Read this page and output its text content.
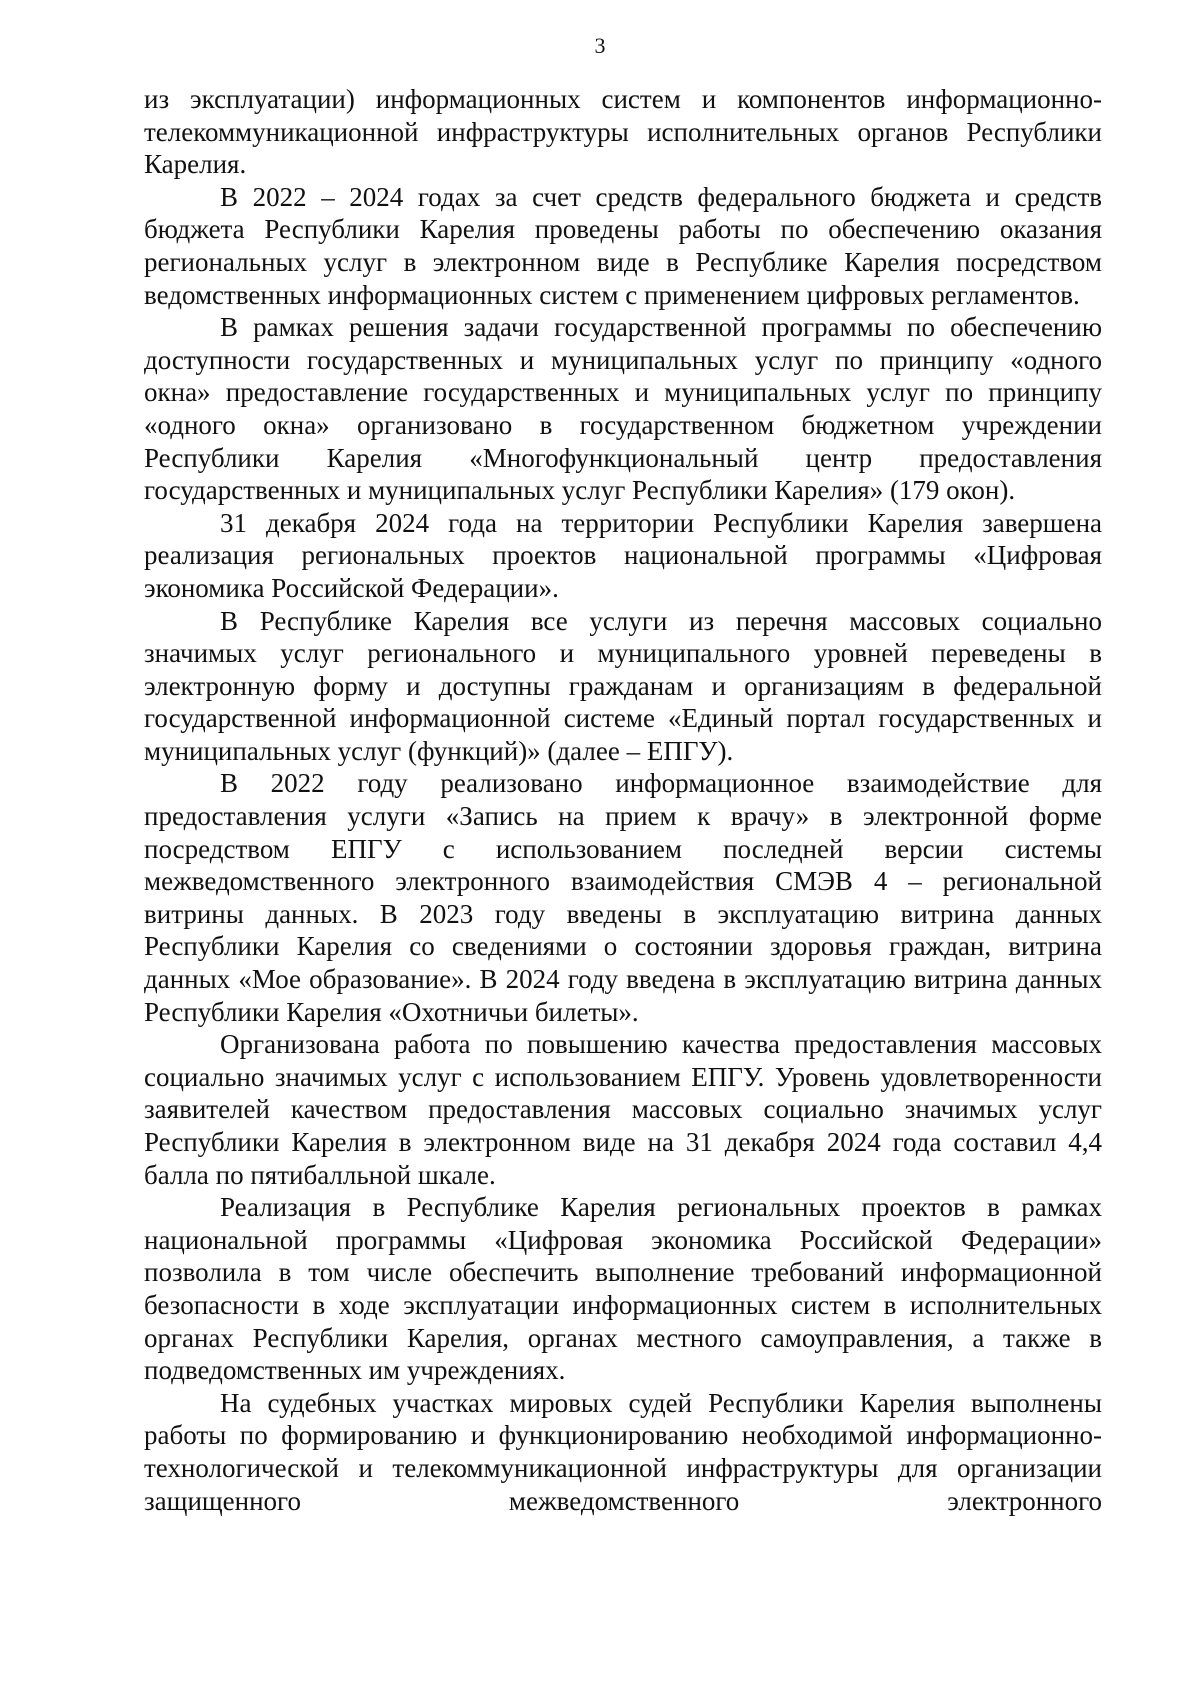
3

из эксплуатации) информационных систем и компонентов информационно-телекоммуникационной инфраструктуры исполнительных органов Республики Карелия.

В 2022 – 2024 годах за счет средств федерального бюджета и средств бюджета Республики Карелия проведены работы по обеспечению оказания региональных услуг в электронном виде в Республике Карелия посредством ведомственных информационных систем с применением цифровых регламентов.

В рамках решения задачи государственной программы по обеспечению доступности государственных и муниципальных услуг по принципу «одного окна» предоставление государственных и муниципальных услуг по принципу «одного окна» организовано в государственном бюджетном учреждении Республики Карелия «Многофункциональный центр предоставления государственных и муниципальных услуг Республики Карелия» (179 окон).

31 декабря 2024 года на территории Республики Карелия завершена реализация региональных проектов национальной программы «Цифровая экономика Российской Федерации».

В Республике Карелия все услуги из перечня массовых социально значимых услуг регионального и муниципального уровней переведены в электронную форму и доступны гражданам и организациям в федеральной государственной информационной системе «Единый портал государственных и муниципальных услуг (функций)» (далее – ЕПГУ).

В 2022 году реализовано информационное взаимодействие для предоставления услуги «Запись на прием к врачу» в электронной форме посредством ЕПГУ с использованием последней версии системы межведомственного электронного взаимодействия СМЭВ 4 – региональной витрины данных. В 2023 году введены в эксплуатацию витрина данных Республики Карелия со сведениями о состоянии здоровья граждан, витрина данных «Мое образование». В 2024 году введена в эксплуатацию витрина данных Республики Карелия «Охотничьи билеты».

Организована работа по повышению качества предоставления массовых социально значимых услуг с использованием ЕПГУ. Уровень удовлетворенности заявителей качеством предоставления массовых социально значимых услуг Республики Карелия в электронном виде на 31 декабря 2024 года составил 4,4 балла по пятибалльной шкале.

Реализация в Республике Карелия региональных проектов в рамках национальной программы «Цифровая экономика Российской Федерации» позволила в том числе обеспечить выполнение требований информационной безопасности в ходе эксплуатации информационных систем в исполнительных органах Республики Карелия, органах местного самоуправления, а также в подведомственных им учреждениях.

На судебных участках мировых судей Республики Карелия выполнены работы по формированию и функционированию необходимой информационно-технологической и телекоммуникационной инфраструктуры для организации защищенного межведомственного электронного
